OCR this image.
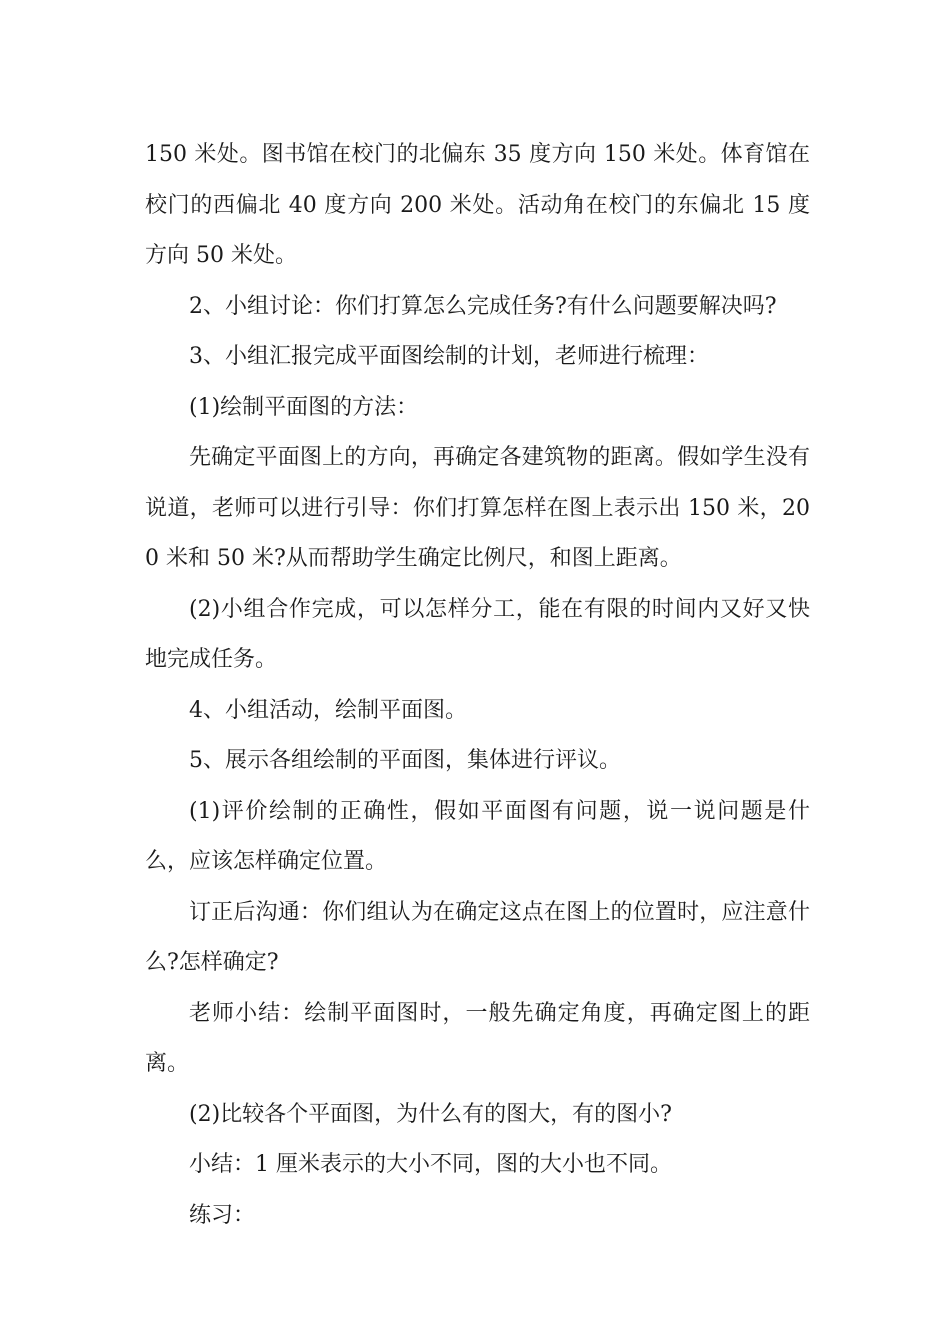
150 米处。图书馆在校门的北偏东 35 度方向 150 米处。体育馆在校门的西偏北 40 度方向 200 米处。活动角在校门的东偏北 15 度方向 50 米处。

2、小组讨论：你们打算怎么完成任务?有什么问题要解决吗?

3、小组汇报完成平面图绘制的计划，老师进行梳理：

(1)绘制平面图的方法：

先确定平面图上的方向，再确定各建筑物的距离。假如学生没有说道，老师可以进行引导：你们打算怎样在图上表示出 150 米，200 米和 50 米?从而帮助学生确定比例尺，和图上距离。

(2)小组合作完成，可以怎样分工，能在有限的时间内又好又快地完成任务。

4、小组活动，绘制平面图。

5、展示各组绘制的平面图，集体进行评议。

(1)评价绘制的正确性，假如平面图有问题，说一说问题是什么，应该怎样确定位置。

订正后沟通：你们组认为在确定这点在图上的位置时，应注意什么?怎样确定?

老师小结：绘制平面图时，一般先确定角度，再确定图上的距离。

(2)比较各个平面图，为什么有的图大，有的图小?

小结：1 厘米表示的大小不同，图的大小也不同。

练习：
